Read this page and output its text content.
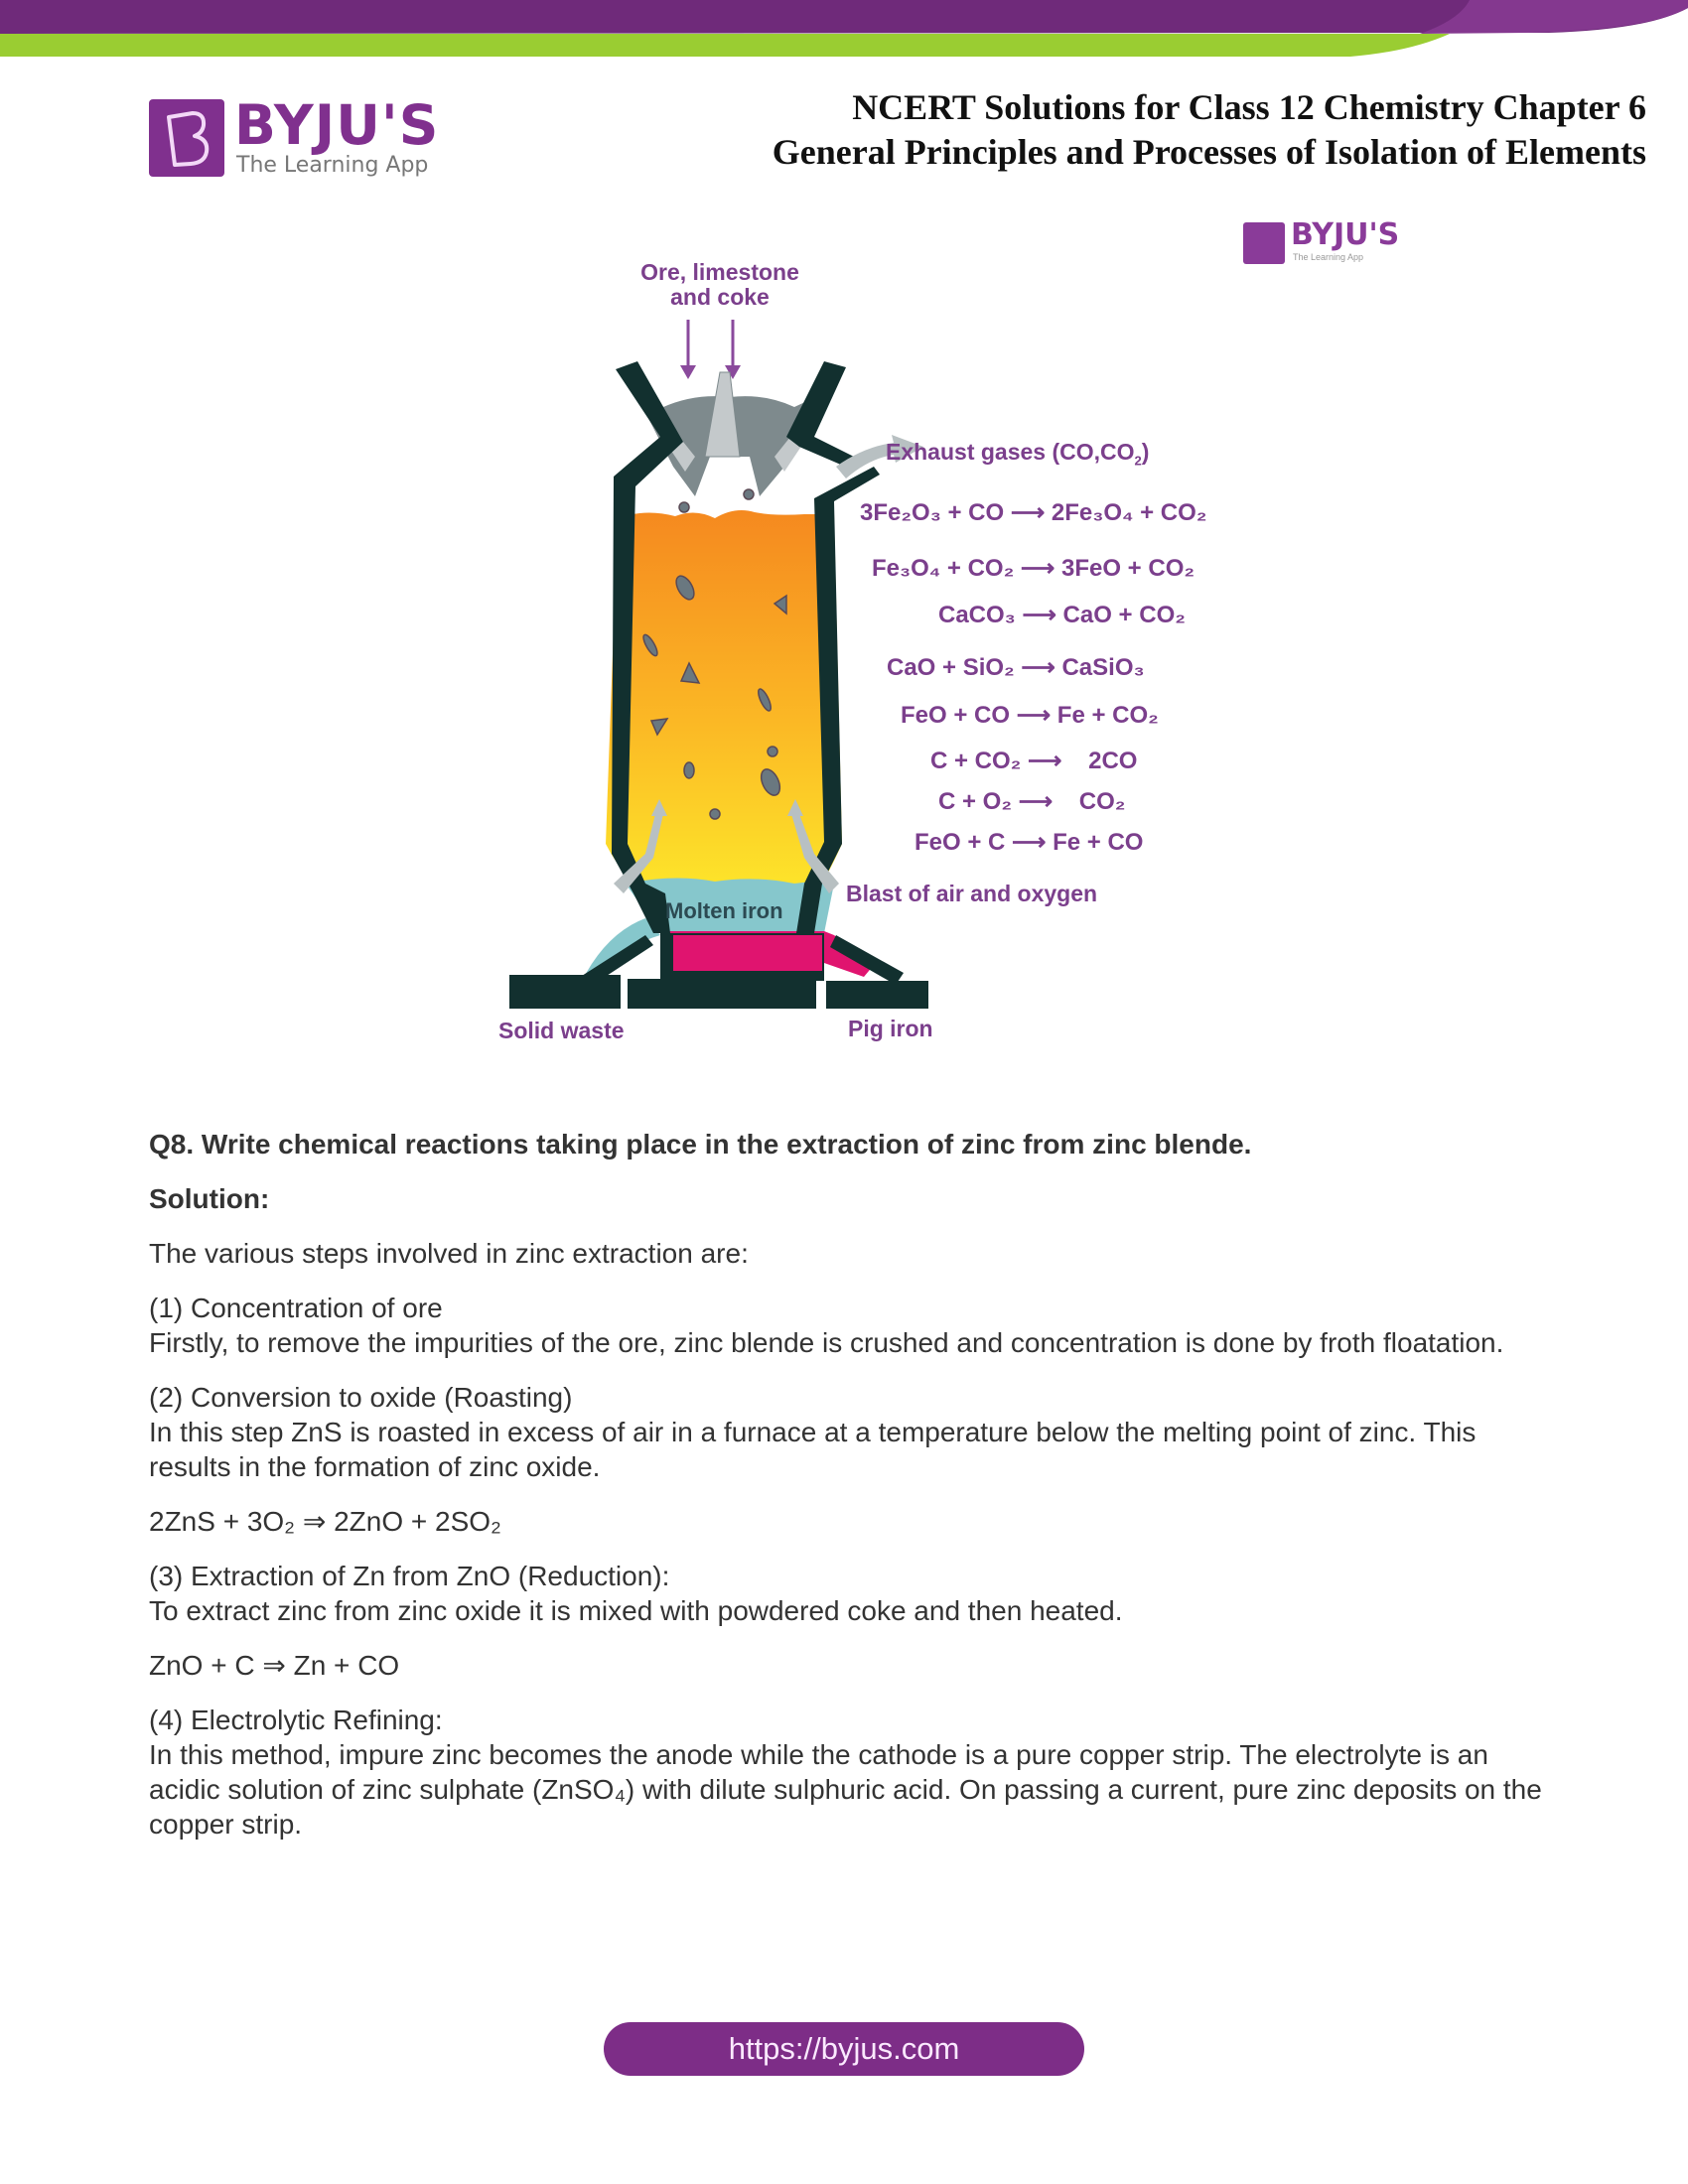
BYJU'S
The Learning App
NCERT Solutions for Class 12 Chemistry Chapter 6
General Principles and Processes of Isolation of Elements
BYJU'S
The Learning App
Ore, limestone
and coke
Exhaust gases $(CO,CO_2)$
3Fe₂O₃ + CO ⟶ 2Fe₃O₄ + CO₂
Fe₃O₄ + CO₂ ⟶ 3FeO + CO₂
CaCO₃ ⟶ CaO + CO₂
CaO + SiO₂ ⟶ CaSiO₃
FeO + CO ⟶ Fe + CO₂
C + CO₂ ⟶ 2CO
C + O₂ ⟶ CO₂
FeO + C ⟶ Fe + CO
Blast of air and oxygen
Molten iron
Solid waste	Pig iron
Q8. Write chemical reactions taking place in the extraction of zinc from zinc blende.
Solution:
The various steps involved in zinc extraction are:
(1) Concentration of ore
Firstly, to remove the impurities of the ore, zinc blende is crushed and concentration is done by froth floatation.
(2) Conversion to oxide (Roasting)
In this step ZnS is roasted in excess of air in a furnace at a temperature below the melting point of zinc. This results in the formation of zinc oxide.
2ZnS + 3O₂ ⇒ 2ZnO + 2SO₂
(3) Extraction of Zn from ZnO (Reduction):
To extract zinc from zinc oxide it is mixed with powdered coke and then heated.
ZnO + C ⇒ Zn + CO
(4) Electrolytic Refining:
In this method, impure zinc becomes the anode while the cathode is a pure copper strip. The electrolyte is an acidic solution of zinc sulphate (ZnSO₄) with dilute sulphuric acid. On passing a current, pure zinc deposits on the copper strip.
https://byjus.com
